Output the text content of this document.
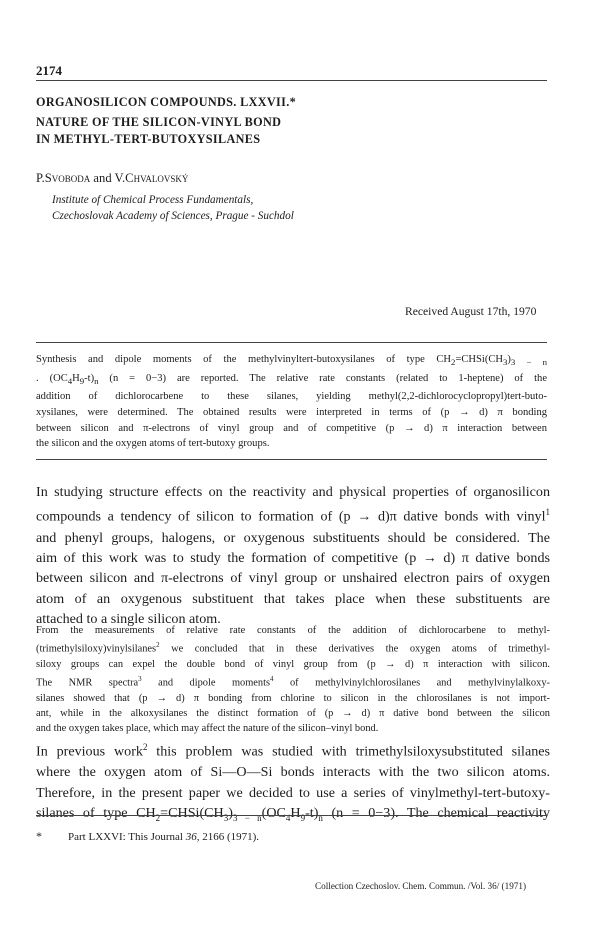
2174
ORGANOSILICON COMPOUNDS. LXXVII.*
NATURE OF THE SILICON-VINYL BOND
IN METHYL-TERT-BUTOXYSILANES
P.Svoboda and V.Chvalovský
Institute of Chemical Process Fundamentals,
Czechoslovak Academy of Sciences, Prague - Suchdol
Received August 17th, 1970
Synthesis and dipole moments of the methylvinyltert-butoxysilanes of type $CH_2=CHSi(CH_3)_{3 - n}$
. $(OC_4H_9-t)_n$ (n = 0−3) are reported. The relative rate constants (related to 1-heptene) of the
addition of dichlorocarbene to these silanes, yielding methyl(2,2-dichlorocyclopropyl)tert-buto-
xysilanes, were determined. The obtained results were interpreted in terms of (p → d) π bonding
between silicon and π-electrons of vinyl group and of competitive (p → d) π interaction between
the silicon and the oxygen atoms of tert-butoxy groups.
In studying structure effects on the reactivity and physical properties of organosilicon
compounds a tendency of silicon to formation of (p → d)π dative bonds with vinyl$^1$
and phenyl groups, halogens, or oxygenous substituents should be considered. The
aim of this work was to study the formation of competitive (p → d) π dative bonds
between silicon and π-electrons of vinyl group or unshaired electron pairs of oxygen
atom of an oxygenous substituent that takes place when these substituents are
attached to a single silicon atom.
From the measurements of relative rate constants of the addition of dichlorocarbene to methyl-
(trimethylsiloxy)vinylsilanes$^2$ we concluded that in these derivatives the oxygen atoms of trimethyl-
siloxy groups can expel the double bond of vinyl group from (p → d) π interaction with silicon.
The NMR spectra$^3$ and dipole moments$^4$ of methylvinylchlorosilanes and methylvinylalkoxy-
silanes showed that (p → d) π bonding from chlorine to silicon in the chlorosilanes is not import-
ant, while in the alkoxysilanes the distinct formation of (p → d) π dative bond between the silicon
and the oxygen takes place, which may affect the nature of the silicon–vinyl bond.
In previous work$^2$ this problem was studied with trimethylsiloxysubstituted silanes
where the oxygen atom of Si—O—Si bonds interacts with the two silicon atoms.
Therefore, in the present paper we decided to use a series of vinylmethyl-tert-butoxy-
silanes of type $CH_2=CHSi(CH_3)_{3 - n}(OC_4H_9-t)_n$ (n = 0−3). The chemical reactivity
* Part LXXVI: This Journal 36, 2166 (1971).
Collection Czechoslov. Chem. Commun. /Vol. 36/ (1971)
